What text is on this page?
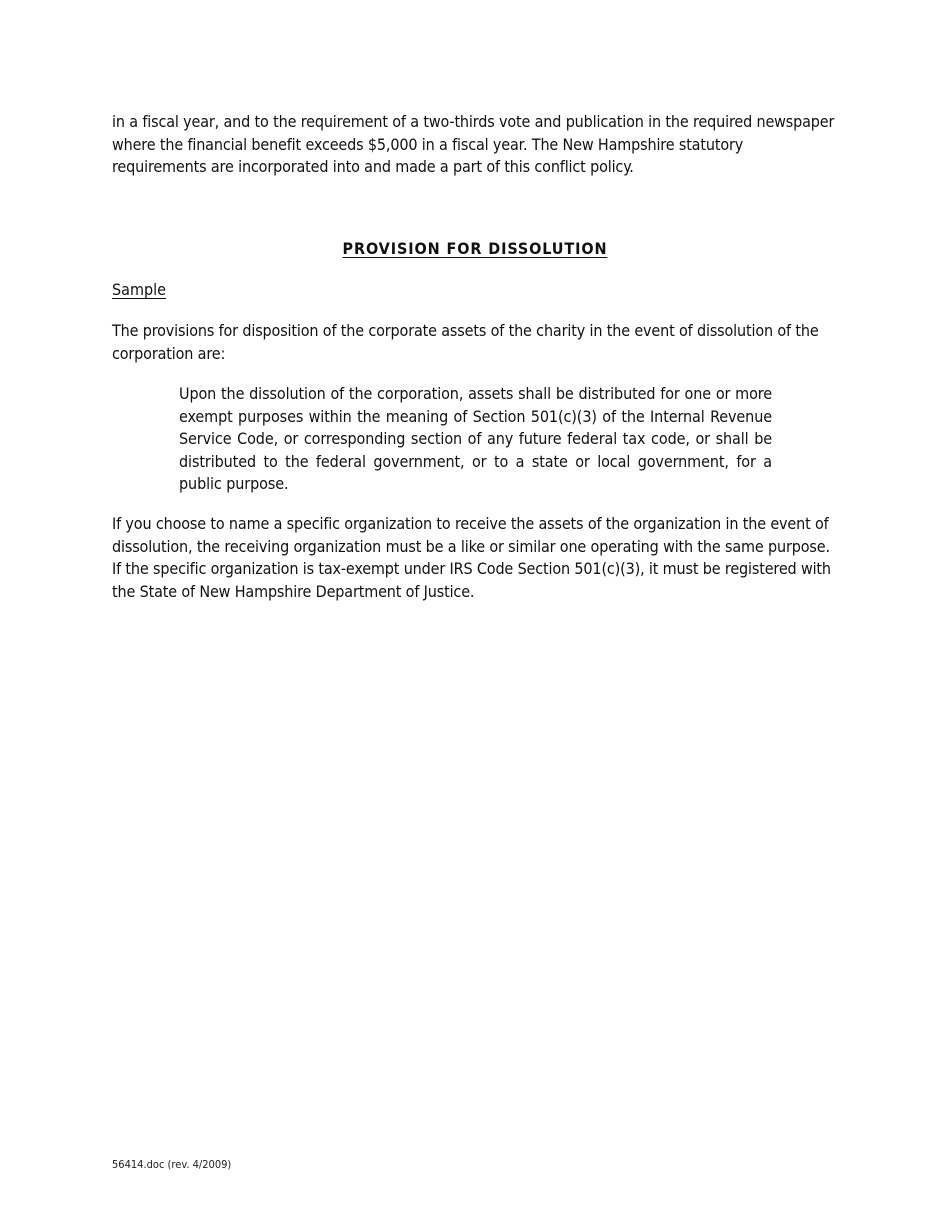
in a fiscal year, and to the requirement of a two-thirds vote and publication in the required newspaper where the financial benefit exceeds $5,000 in a fiscal year. The New Hampshire statutory requirements are incorporated into and made a part of this conflict policy.

PROVISION FOR DISSOLUTION

Sample

The provisions for disposition of the corporate assets of the charity in the event of dissolution of the corporation are:

Upon the dissolution of the corporation, assets shall be distributed for one or more exempt purposes within the meaning of Section 501(c)(3) of the Internal Revenue Service Code, or corresponding section of any future federal tax code, or shall be distributed to the federal government, or to a state or local government, for a public purpose.

If you choose to name a specific organization to receive the assets of the organization in the event of dissolution, the receiving organization must be a like or similar one operating with the same purpose. If the specific organization is tax-exempt under IRS Code Section 501(c)(3), it must be registered with the State of New Hampshire Department of Justice.

56414.doc (rev. 4/2009)
